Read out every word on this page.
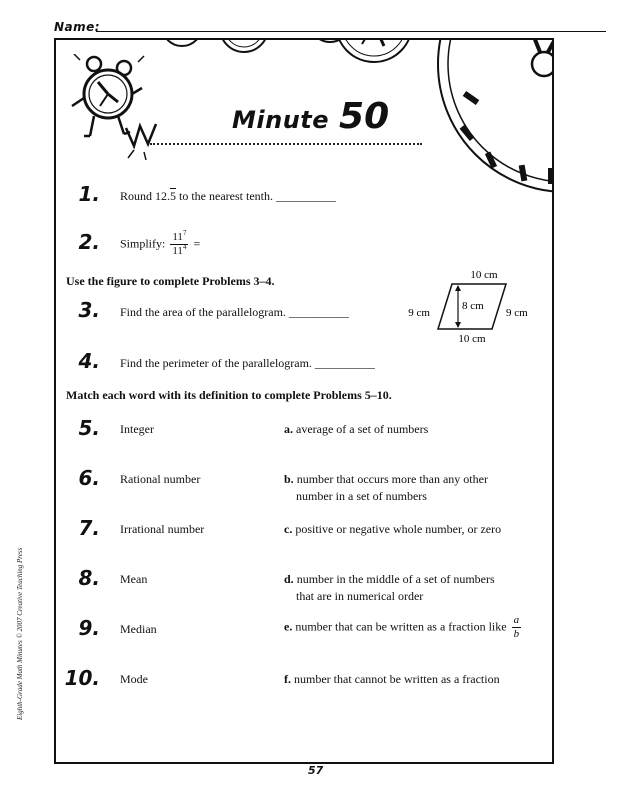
Name:
Minute 50
1. Round 12.5 to the nearest tenth. __________
2. Simplify: $\frac{11^7}{11^4}$ =
Use the figure to complete Problems 3–4.
3. Find the area of the parallelogram. __________
10 cm
8 cm
9 cm	9 cm
10 cm
4. Find the perimeter of the parallelogram. __________
Match each word with its definition to complete Problems 5–10.
5. Integer
6. Rational number
7. Irrational number
8. Mean
9. Median
10. Mode
a. average of a set of numbers
b. number that occurs more than any other
number in a set of numbers
c. positive or negative whole number, or zero
d. number in the middle of a set of numbers
that are in numerical order
e. number that can be written as a fraction like $\frac{a}{b}$
f. number that cannot be written as a fraction
Eighth-Grade Math Minutes © 2007 Creative Teaching Press
57
